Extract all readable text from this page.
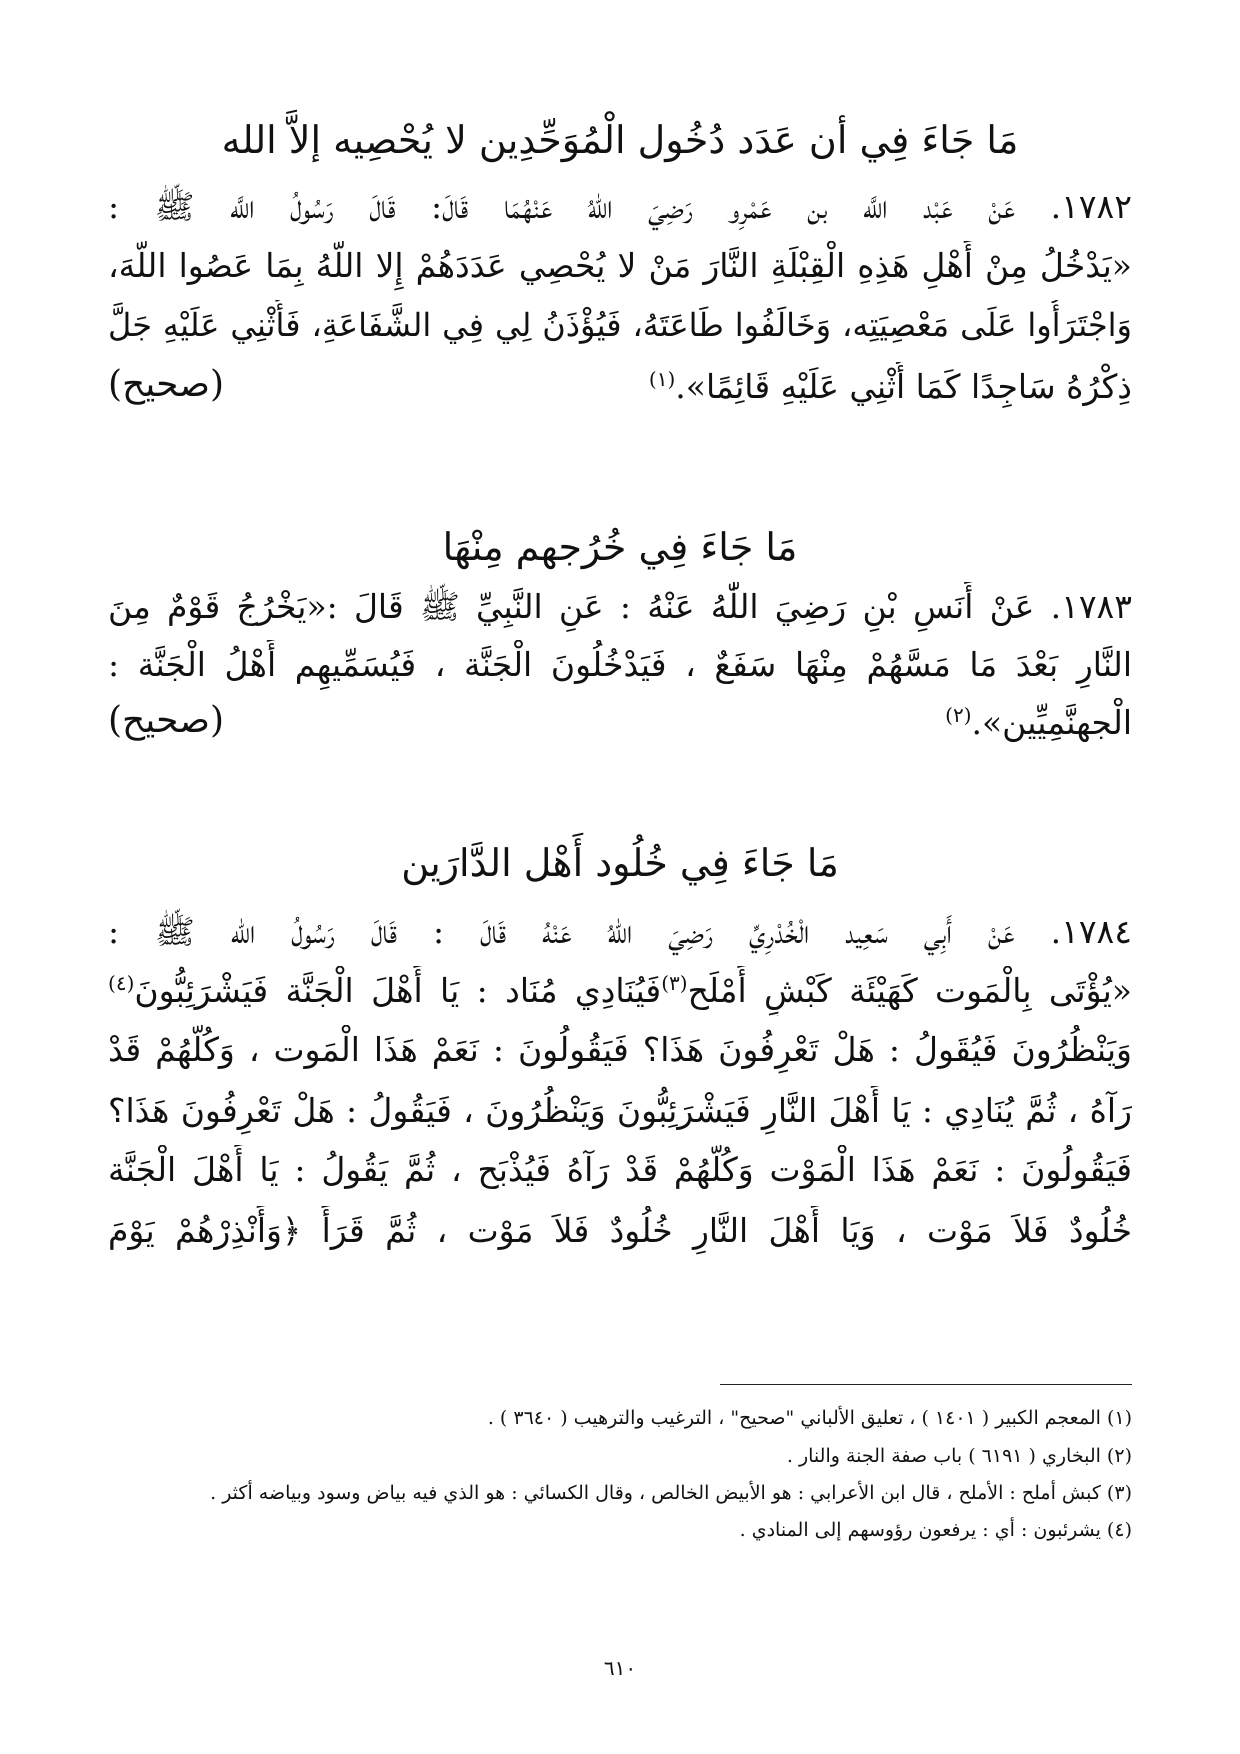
مَا جَاءَ فِي أن عَدَد دُخُول الْمُوَحِّدِين لا يُحْصِيه إلاَّ الله
١٧٨٢. عَنْ عَبْد اللَّه بن عَمْرِو رَضِيَ اللّٰهُ عَنْهُمَا قَالَ: قَالَ رَسُولُ اللَّه ﷺ :
«يَدْخُلُ مِنْ أَهْلِ هَذِهِ الْقِبْلَةِ النَّارَ مَنْ لا يُحْصِي عَدَدَهُمْ إِلا اللَّهُ بِمَا عَصُوا اللَّهَ،
وَاجْتَرَأُوا عَلَى مَعْصِيَتِه، وَخَالَفُوا طَاعَتَهُ، فَيُؤْذَنُ لِي فِي الشَّفَاعَةِ، فَأُثْنِي عَلَيْهِ جَلَّ
ذِكْرُهُ سَاجِدًا كَمَا أُثْنِي عَلَيْهِ قَائِمًا».$^{(١)}$
(صحيح)
مَا جَاءَ فِي خُرُجهم مِنْهَا
١٧٨٣. عَنْ أَنَسِ بْنِ رَضِيَ اللّٰهُ عَنْهُ : عَنِ النَّبِيِّ ﷺ قَالَ :«يَخْرُجُ قَوْمٌ مِنَ
النَّارِ بَعْدَ مَا مَسَّهُمْ مِنْهَا سَفَعٌ ، فَيَدْخُلُونَ الْجَنَّة ، فَيُسَمِّيهِم أَهْلُ الْجَنَّة :
الْجهنَّمِيِّين».$^{(٢)}$
(صحيح)
مَا جَاءَ فِي خُلُود أَهْل الدَّارَين
١٧٨٤. عَنْ أَبِي سَعِيد الْخُدْرِيِّ رَضِيَ اللّٰهُ عَنْهُ قَالَ : قَالَ رَسُولُ الله ﷺ :
«يُؤْتَى بِالْمَوت كَهَيْئَة كَبْشٍ أَمْلَح$^{(٣)}$فَيُنَادِي مُنَاد : يَا أَهْلَ الْجَنَّة فَيَشْرَئِبُّونَ$^{(٤)}$
وَيَنْظُرُونَ فَيُقَولُ : هَلْ تَعْرِفُونَ هَذَا؟ فَيَقُولُونَ : نَعَمْ هَذَا الْمَوت ، وَكُلُّهُمْ قَدْ
رَآهُ ، ثُمَّ يُنَادِي : يَا أَهْلَ النَّارِ فَيَشْرَئِبُّونَ وَيَنْظُرُونَ ، فَيَقُولُ : هَلْ تَعْرِفُونَ هَذَا؟
فَيَقُولُونَ : نَعَمْ هَذَا الْمَوْت وَكُلُّهُمْ قَدْ رَآهُ فَيُذْبَح ، ثُمَّ يَقُولُ : يَا أَهْلَ الْجَنَّة
خُلُودٌ فَلاَ مَوْت ، وَيَا أَهْلَ النَّارِ خُلُودٌ فَلاَ مَوْت ، ثُمَّ قَرَأَ ﴿وَأَنْذِرْهُمْ يَوْمَ
(١) المعجم الكبير ( ١٤٠١ ) ، تعليق الألباني "صحيح" ، الترغيب والترهيب ( ٣٦٤٠ ) .
(٢) البخاري ( ٦١٩١ ) باب صفة الجنة والنار .
(٣) كبش أملح : الأملح ، قال ابن الأعرابي : هو الأبيض الخالص ، وقال الكسائي : هو الذي فيه بياض وسود وبياضه أكثر .
(٤) يشرئبون : أي : يرفعون رؤوسهم إلى المنادي .
٦١٠
